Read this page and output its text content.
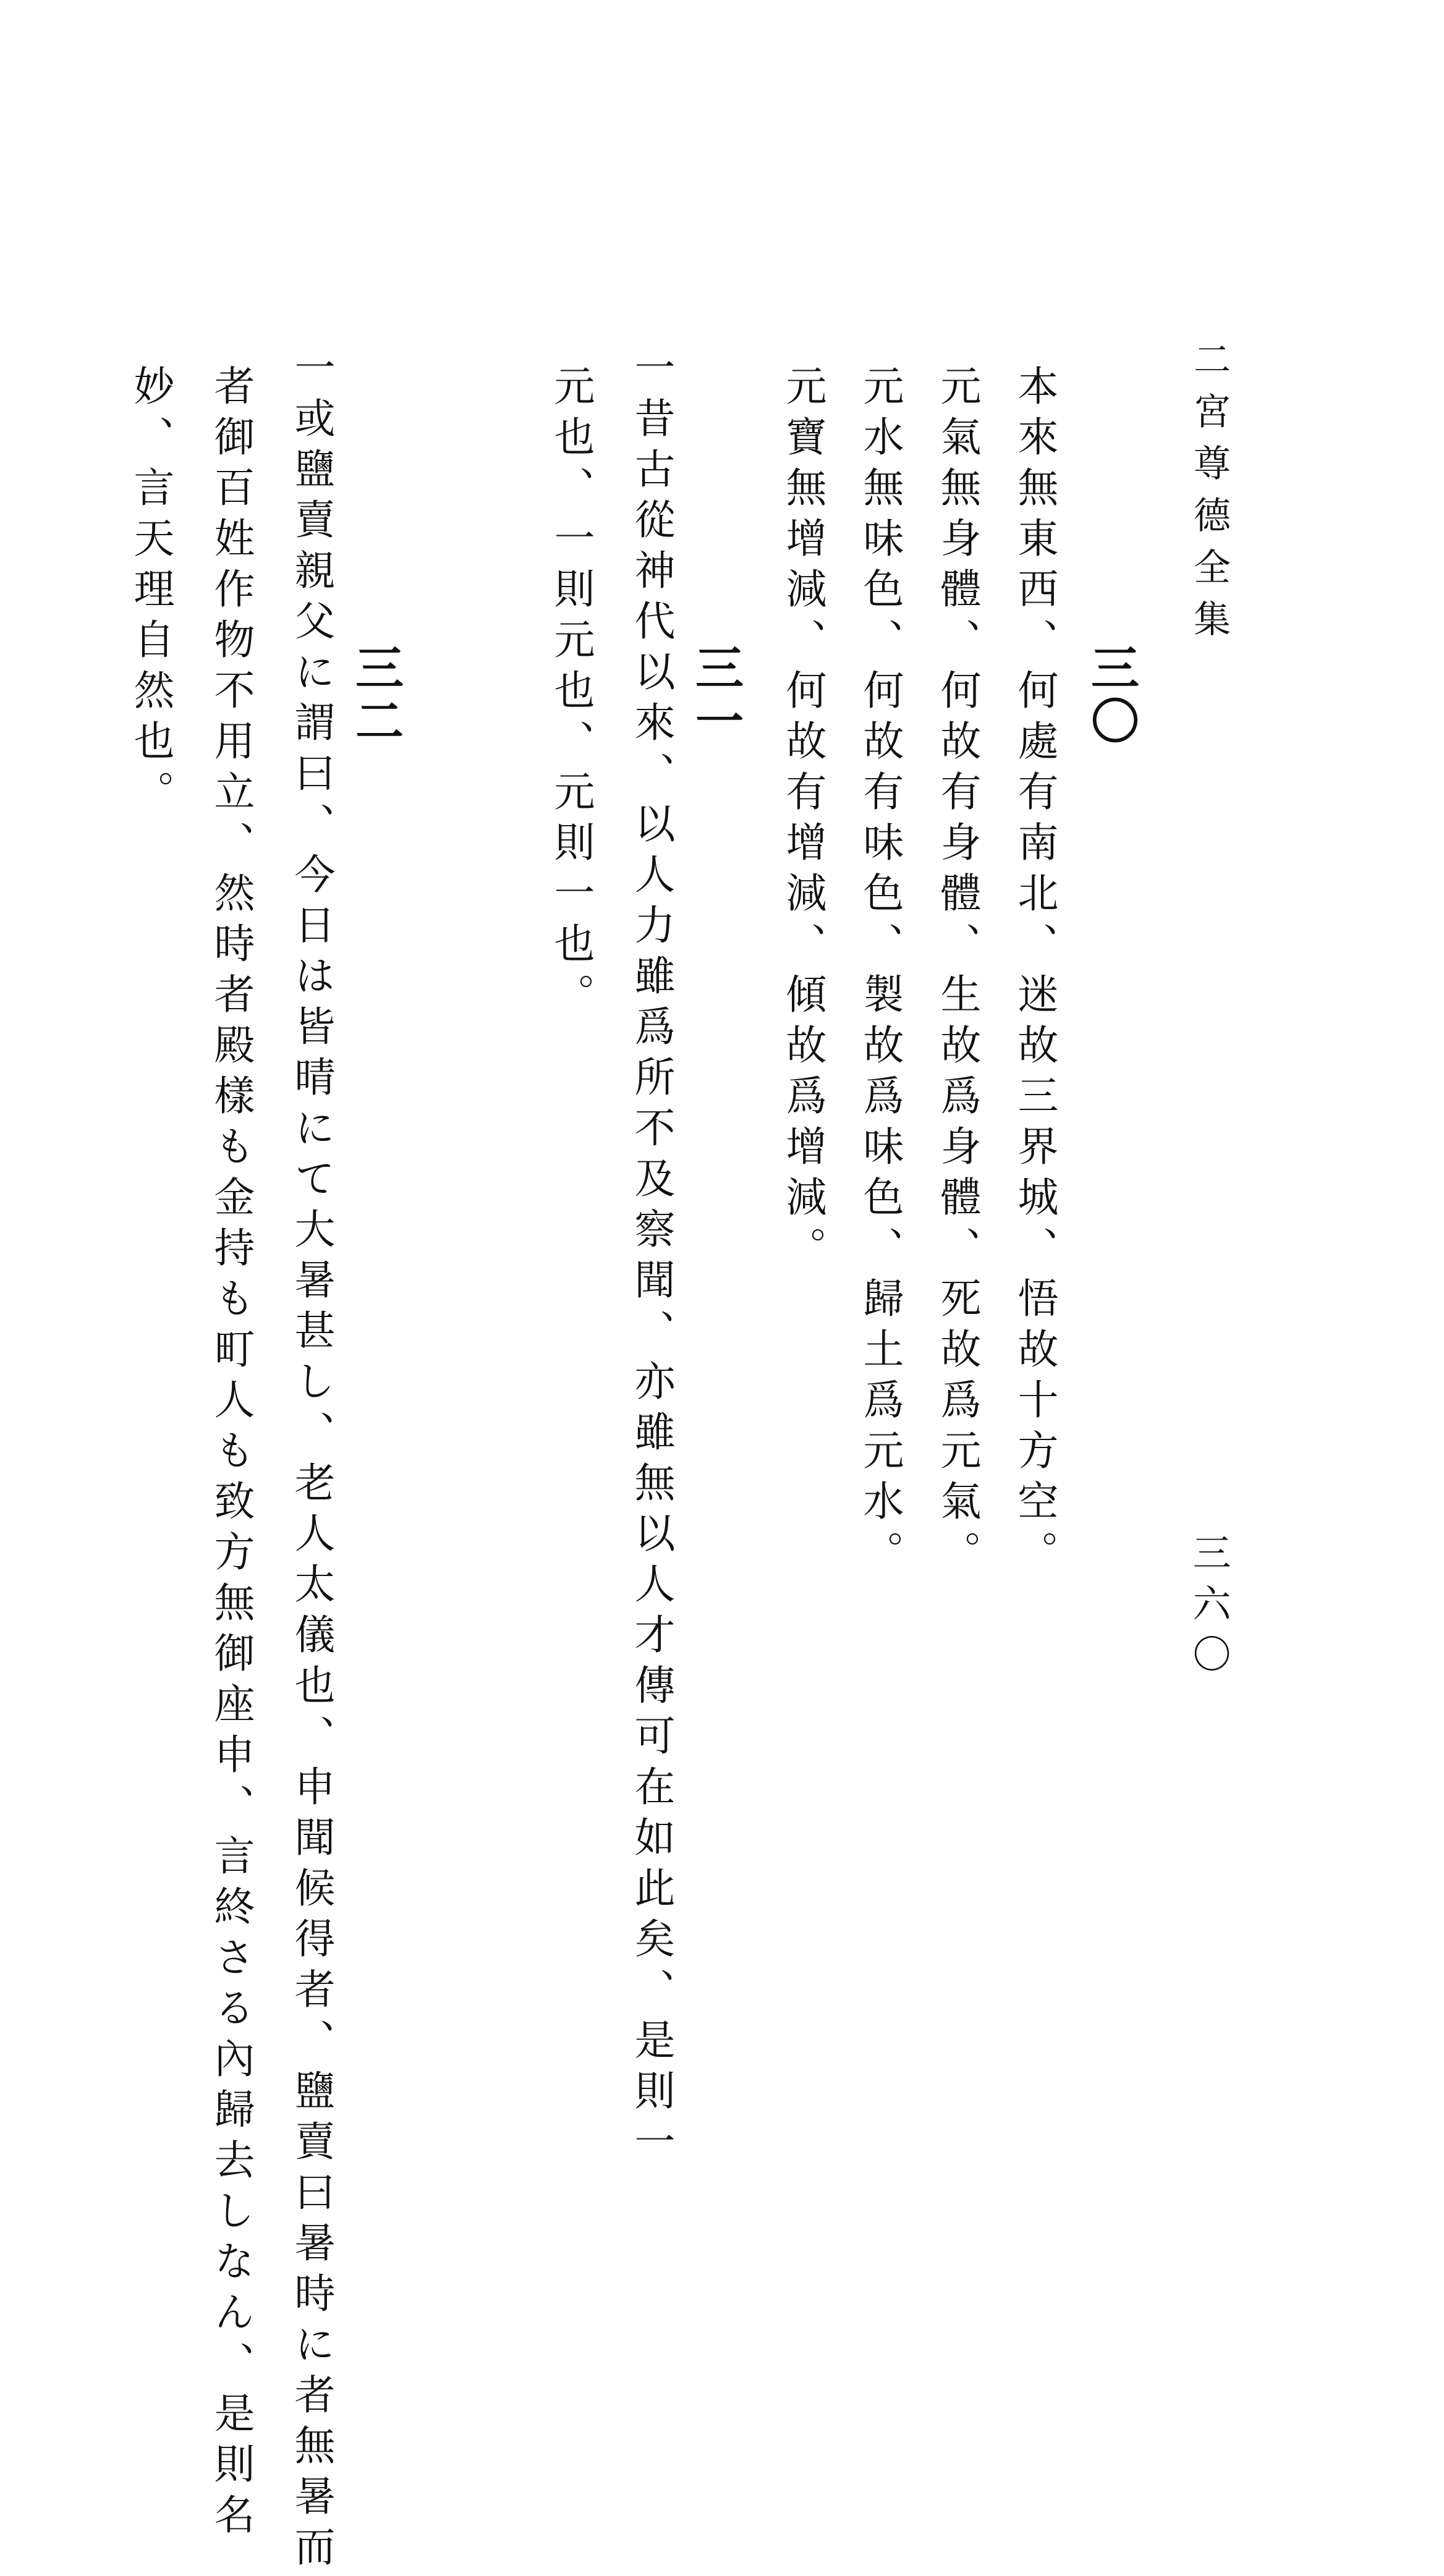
二宮尊德全集
三六〇
三〇
本來無東西、何處有南北、迷故三界城、悟故十方空。
元氣無身體、何故有身體、生故爲身體、死故爲元氣。
元水無味色、何故有味色、製故爲味色、歸土爲元水。
元寶無增減、何故有增減、傾故爲增減。
三一
一昔古從神代以來、以人力雖爲所不及察聞、亦雖無以人才傳可在如此矣、是則一
元也、一則元也、元則一也。
三二
一或鹽賣親父に謂曰、今日は皆晴にて大暑甚し、老人太儀也、申聞候得者、鹽賣曰暑時に者無暑而
者御百姓作物不用立、然時者殿樣も金持も町人も致方無御座申、言終さる內歸去しなん、是則名
妙、言天理自然也。
